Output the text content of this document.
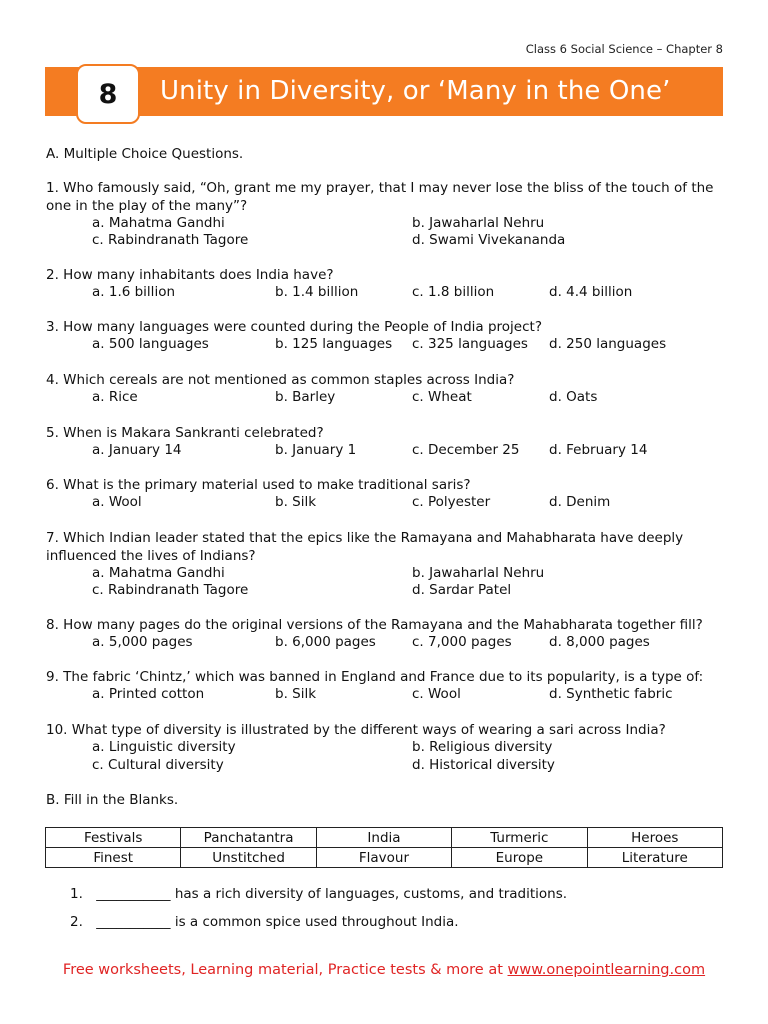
Class 6 Social Science – Chapter 8
8	Unity in Diversity, or ‘Many in the One’
A. Multiple Choice Questions.
1. Who famously said, “Oh, grant me my prayer, that I may never lose the bliss of the touch of the one in the play of the many”?
a. Mahatma Gandhi	b. Jawaharlal Nehru
c. Rabindranath Tagore	d. Swami Vivekananda
2. How many inhabitants does India have?
a. 1.6 billion	b. 1.4 billion	c. 1.8 billion	d. 4.4 billion
3. How many languages were counted during the People of India project?
a. 500 languages	b. 125 languages c. 325 languages d. 250 languages
4. Which cereals are not mentioned as common staples across India?
a. Rice	b. Barley	c. Wheat	d. Oats
5. When is Makara Sankranti celebrated?
a. January 14	b. January 1	c. December 25 d. February 14
6. What is the primary material used to make traditional saris?
a. Wool	b. Silk	c. Polyester	d. Denim
7. Which Indian leader stated that the epics like the Ramayana and Mahabharata have deeply influenced the lives of Indians?
a. Mahatma Gandhi	b. Jawaharlal Nehru
c. Rabindranath Tagore	d. Sardar Patel
8. How many pages do the original versions of the Ramayana and the Mahabharata together fill?
a. 5,000 pages	b. 6,000 pages	c. 7,000 pages	d. 8,000 pages
9. The fabric ‘Chintz,’ which was banned in England and France due to its popularity, is a type of:
a. Printed cotton	b. Silk	c. Wool	d. Synthetic fabric
10. What type of diversity is illustrated by the different ways of wearing a sari across India?
a. Linguistic diversity	b. Religious diversity
c. Cultural diversity	d. Historical diversity
B. Fill in the Blanks.
Festivals	Panchatantra	India	Turmeric	Heroes
Finest	Unstitched	Flavour	Europe	Literature
1. ___________ has a rich diversity of languages, customs, and traditions.
2. ___________ is a common spice used throughout India.
Free worksheets, Learning material, Practice tests & more at www.onepointlearning.com
